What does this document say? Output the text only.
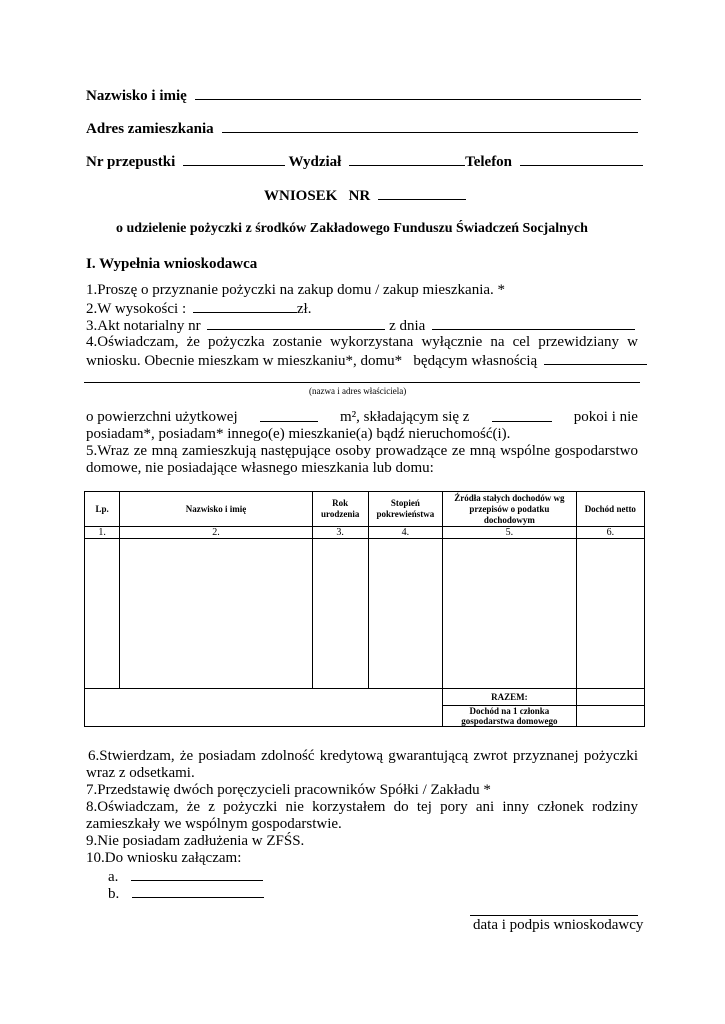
Nazwisko i imię
Adres zamieszkania
Nr przepustki	Wydział	Telefon
WNIOSEK   NR
o udzielenie pożyczki z środków Zakładowego Funduszu Świadczeń Socjalnych
I. Wypełnia wnioskodawca
1.Proszę o przyznanie pożyczki na zakup domu / zakup mieszkania. *
2.W wysokości :	zł.
3.Akt notarialny nr	z dnia
4.Oświadczam, że pożyczka zostanie wykorzystana wyłącznie na cel przewidziany w
wniosku. Obecnie mieszkam w mieszkaniu*, domu*   będącym własnością
(nazwa i adres właściciela)
o powierzchni użytkowej	m², składającym się z	pokoi i nie
posiadam*, posiadam* innego(e) mieszkanie(a) bądź nieruchomość(i).
5.Wraz ze mną zamieszkują następujące osoby prowadzące ze mną wspólne gospodarstwo
domowe, nie posiadające własnego mieszkania lub domu:
Lp.	Nazwisko i imię	Rok urodzenia	Stopień pokrewieństwa	Źródła stałych dochodów wg przepisów o podatku dochodowym	Dochód netto
1.	2.	3.	4.	5.	6.

				RAZEM:	
				Dochód na 1 członka gospodarstwa domowego	
6.Stwierdzam, że posiadam zdolność kredytową gwarantującą zwrot przyznanej pożyczki
wraz z odsetkami.
7.Przedstawię dwóch poręczycieli pracowników Spółki / Zakładu *
8.Oświadczam, że z pożyczki nie korzystałem do tej pory ani inny członek rodziny
zamieszkały we wspólnym gospodarstwie.
9.Nie posiadam zadłużenia w ZFŚS.
10.Do wniosku załączam:
a.
b.
data i podpis wnioskodawcy
